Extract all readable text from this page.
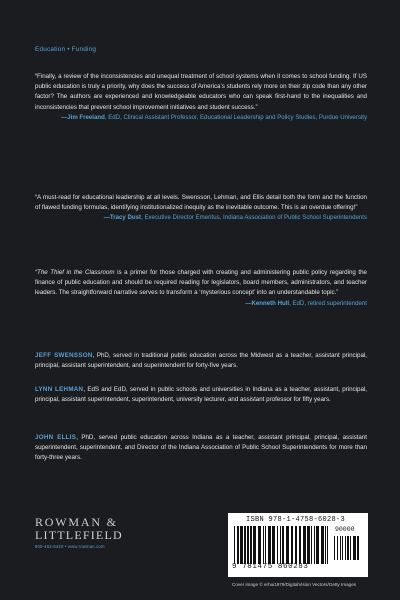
Education • Funding

“Finally, a review of the inconsistencies and unequal treatment of school systems when it comes to school funding. If US public education is truly a priority, why does the success of America’s students rely more on their zip code than any other factor? The authors are experienced and knowledgeable educators who can speak first-hand to the inequalities and inconsistencies that prevent school improvement initiatives and student success.”

—Jim Freeland, EdD, Clinical Assistant Professor, Educational Leadership and Policy Studies, Purdue University

“A must-read for educational leadership at all levels. Swensson, Lehman, and Ellis detail both the form and the function of flawed funding formulas, identifying institutionalized inequity as the inevitable outcome. This is an overdue offering!”

—Tracy Dust, Executive Director Emeritus, Indiana Association of Public School Superintendents

“The Thief in the Classroom is a primer for those charged with creating and administering public policy regarding the finance of public education and should be required reading for legislators, board members, administrators, and teacher leaders. The straightforward narrative serves to transform a ‘mysterious concept’ into an understandable topic.”

—Kenneth Hull, EdD, retired superintendent

JEFF SWENSSON, PhD, served in traditional public education across the Midwest as a teacher, assistant principal, principal, assistant superintendent, and superintendent for forty-five years.

LYNN LEHMAN, EdS and EdD, served in public schools and universities in Indiana as a teacher, assistant, principal, principal, assistant superintendent, superintendent, university lecturer, and assistant professor for fifty years.

JOHN ELLIS, PhD, served public education across Indiana as a teacher, assistant principal, principal, assistant superintendent, superintendent, and Director of the Indiana Association of Public School Superintendents for more than forty-three years.

ROWMAN &
LITTLEFIELD
800-462-6420 • www.rowman.com
ISBN 978-1-4758-6028-3
90000
9 781475 860283
Cover image © erhui1979/DigitalVision Vectors/Getty Images
